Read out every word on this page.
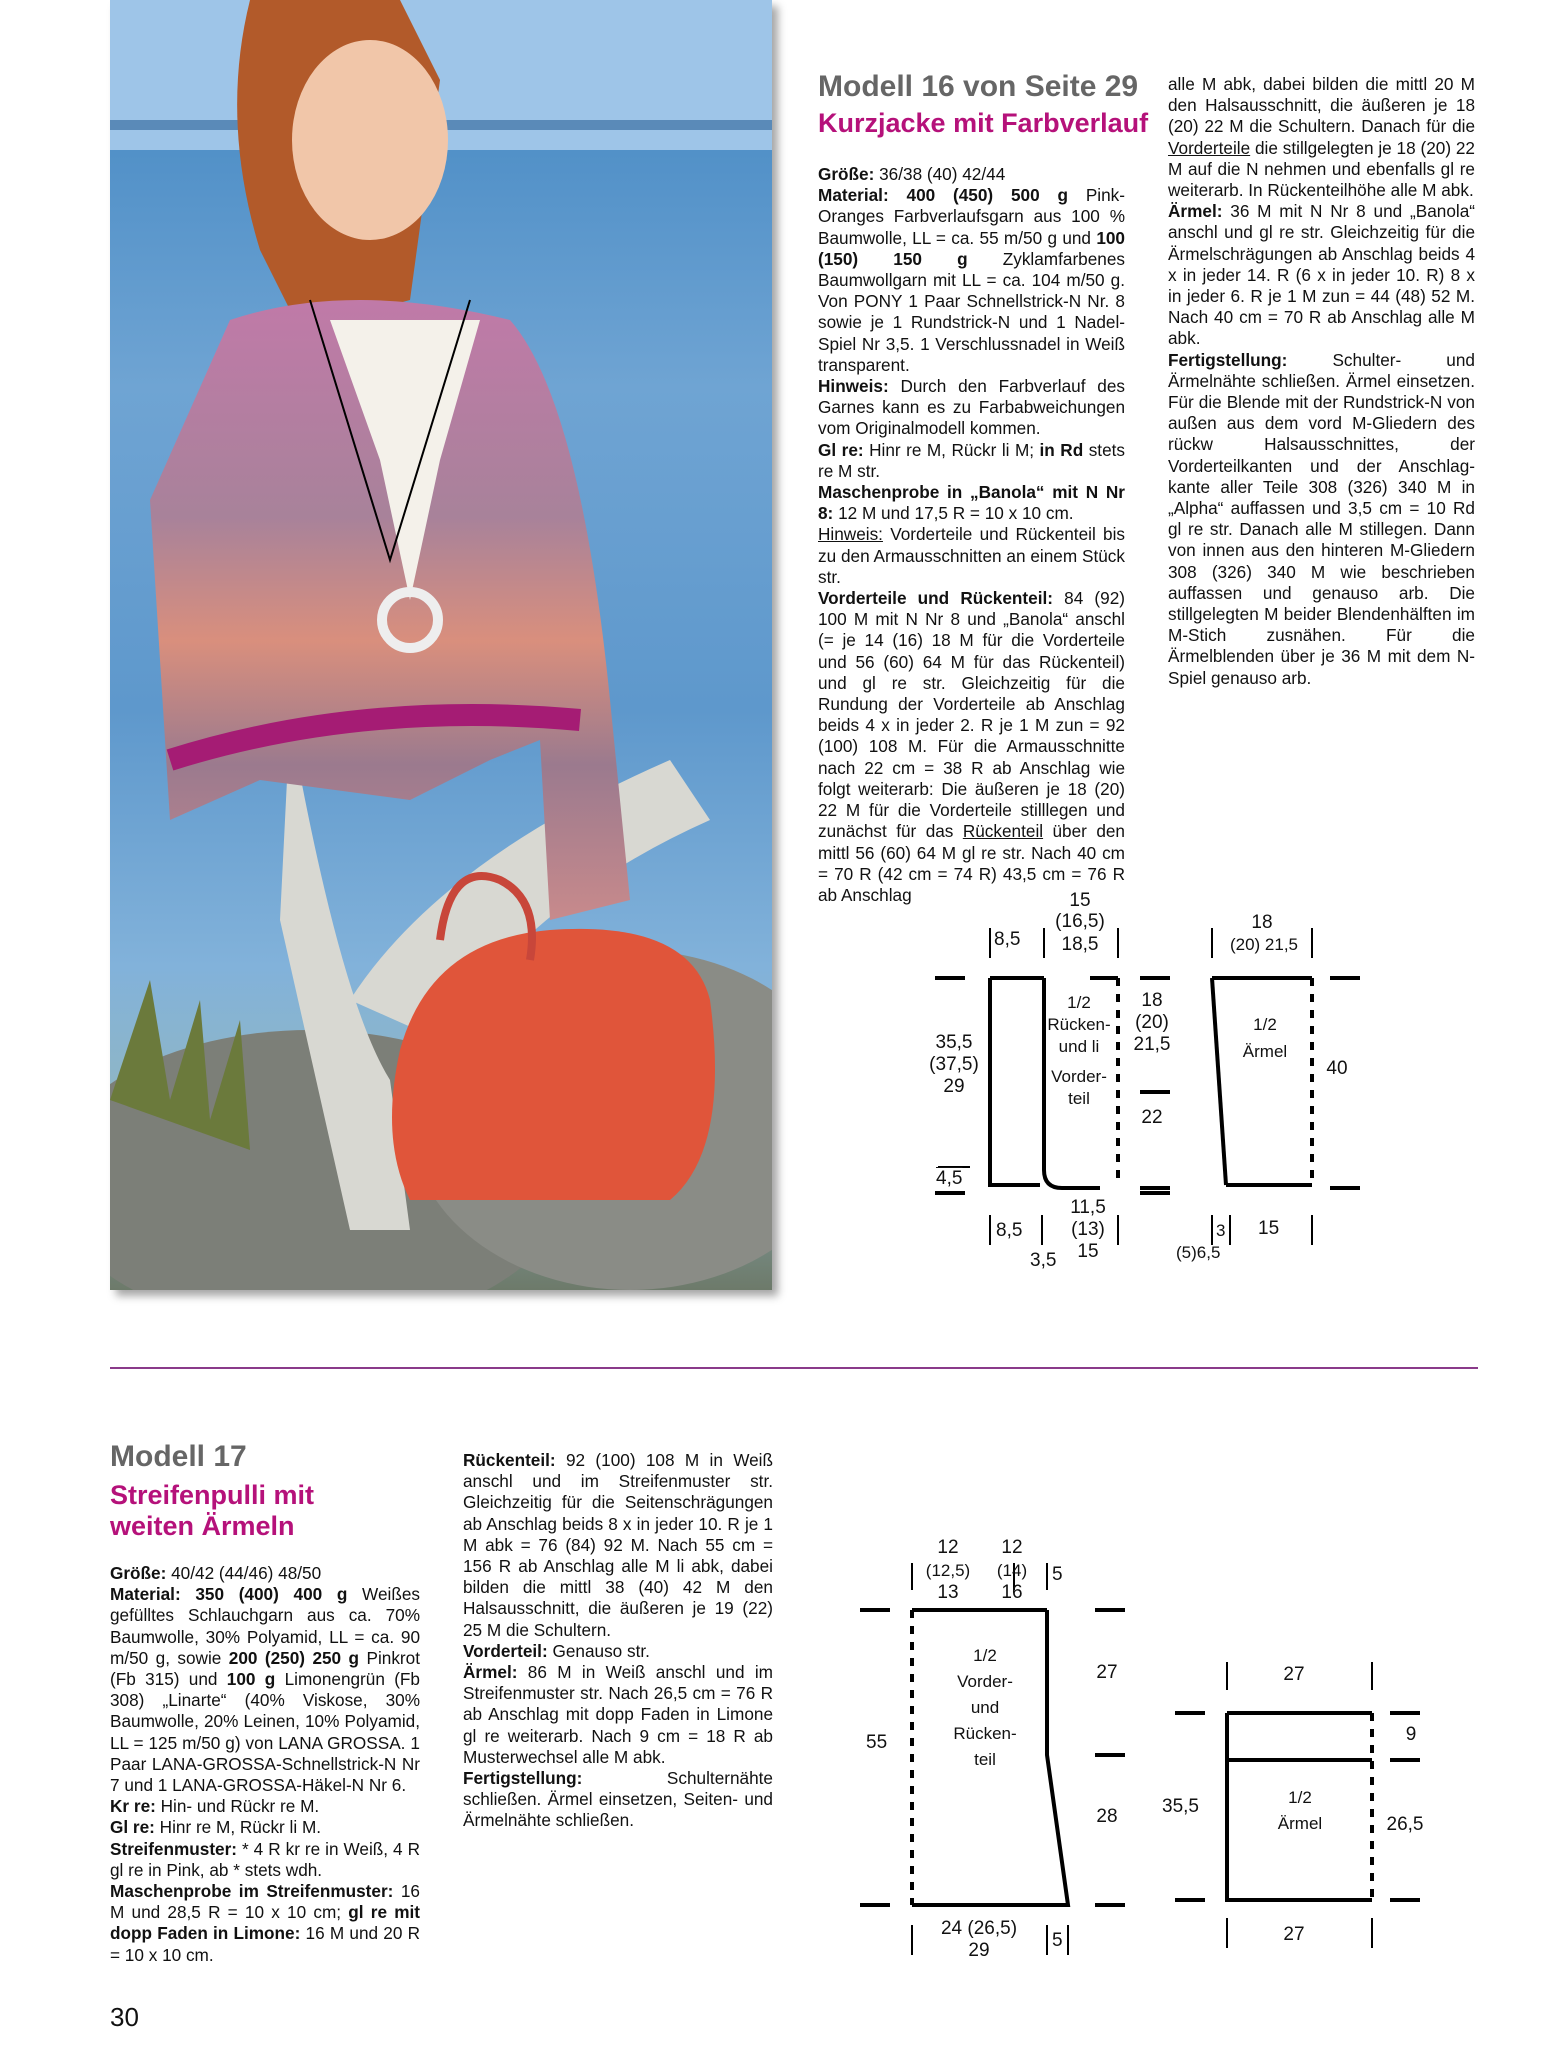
Modell 16 von Seite 29
Kurzjacke mit Farbverlauf

Größe: 36/38 (40) 42/44
Material: 400 (450) 500 g Pink-Oranges Farbverlaufsgarn aus 100 % Baumwolle, LL = ca. 55 m/50 g und 100 (150) 150 g Zyklamfarbenes Baumwollgarn mit LL = ca. 104 m/50 g. Von PONY 1 Paar Schnellstrick-N Nr. 8 sowie je 1 Rundstrick-N und 1 Nadel-Spiel Nr 3,5. 1 Verschlussnadel in Weiß transparent.
Hinweis: Durch den Farbverlauf des Garnes kann es zu Farbabweichungen vom Originalmodell kommen.
Gl re: Hinr re M, Rückr li M; in Rd stets re M str.
Maschenprobe in „Banola“ mit N Nr 8: 12 M und 17,5 R = 10 x 10 cm.
Hinweis: Vorderteile und Rückenteil bis zu den Armausschnitten an einem Stück str.
Vorderteile und Rückenteil: 84 (92) 100 M mit N Nr 8 und „Banola“ anschl (= je 14 (16) 18 M für die Vorderteile und 56 (60) 64 M für das Rückenteil) und gl re str. Gleichzeitig für die Rundung der Vorderteile ab Anschlag beids 4 x in jeder 2. R je 1 M zun = 92 (100) 108 M. Für die Armausschnitte nach 22 cm = 38 R ab Anschlag wie folgt weiterarb: Die äußeren je 18 (20) 22 M für die Vorderteile stilllegen und zunächst für das Rückenteil über den mittl 56 (60) 64 M gl re str. Nach 40 cm = 70 R (42 cm = 74 R) 43,5 cm = 76 R ab Anschlag

alle M abk, dabei bilden die mittl 20 M den Halsausschnitt, die äußeren je 18 (20) 22 M die Schultern. Danach für die Vorderteile die stillgelegten je 18 (20) 22 M auf die N nehmen und ebenfalls gl re weiterarb. In Rückenteilhöhe alle M abk.
Ärmel: 36 M mit N Nr 8 und „Banola“ anschl und gl re str. Gleichzeitig für die Ärmelschrägungen ab Anschlag beids 4 x in jeder 14. R (6 x in jeder 10. R) 8 x in jeder 6. R je 1 M zun = 44 (48) 52 M. Nach 40 cm = 70 R ab Anschlag alle M abk.
Fertigstellung: Schulter- und Ärmelnähte schließen. Ärmel einsetzen. Für die Blende mit der Rundstrick-N von außen aus dem vord M-Gliedern des rückw Halsausschnittes, der Vorderteilkanten und der Anschlag-kante aller Teile 308 (326) 340 M in „Alpha“ auffassen und 3,5 cm = 10 Rd gl re str. Danach alle M stillegen. Dann von innen aus den hinteren M-Gliedern 308 (326) 340 M wie beschrieben auffassen und genauso arb. Die stillgelegten M beider Blendenhälften im M-Stich zusnähen. Für die Ärmelblenden über je 36 M mit dem N-Spiel genauso arb.

8,5
15
(16,5)
18,5
35,5
(37,5)
29
4,5
1/2
Rücken-
und li
Vorder-
teil
18
(20)
21,5
22
8,5
11,5
(13)
15
3,5
18
(20) 21,5
1/2
Ärmel
40
3 15
(5)6,5
Modell 17
Streifenpulli mit
weiten Ärmeln

Größe: 40/42 (44/46) 48/50
Material: 350 (400) 400 g Weißes gefülltes Schlauchgarn aus ca. 70% Baumwolle, 30% Polyamid, LL = ca. 90 m/50 g, sowie 200 (250) 250 g Pinkrot (Fb 315) und 100 g Limonengrün (Fb 308) „Linarte“ (40% Viskose, 30% Baumwolle, 20% Leinen, 10% Polyamid, LL = 125 m/50 g) von LANA GROSSA. 1 Paar LANA-GROSSA-Schnellstrick-N Nr 7 und 1 LANA-GROSSA-Häkel-N Nr 6.
Kr re: Hin- und Rückr re M.
Gl re: Hinr re M, Rückr li M.
Streifenmuster: * 4 R kr re in Weiß, 4 R gl re in Pink, ab * stets wdh.
Maschenprobe im Streifenmuster: 16 M und 28,5 R = 10 x 10 cm; gl re mit dopp Faden in Limone: 16 M und 20 R = 10 x 10 cm.

Rückenteil: 92 (100) 108 M in Weiß anschl und im Streifenmuster str. Gleichzeitig für die Seitenschrägungen ab Anschlag beids 8 x in jeder 10. R je 1 M abk = 76 (84) 92 M. Nach 55 cm = 156 R ab Anschlag alle M li abk, dabei bilden die mittl 38 (40) 42 M den Halsausschnitt, die äußeren je 19 (22) 25 M die Schultern.
Vorderteil: Genauso str.
Ärmel: 86 M in Weiß anschl und im Streifenmuster str. Nach 26,5 cm = 76 R ab Anschlag mit dopp Faden in Limone gl re weiterarb. Nach 9 cm = 18 R ab Musterwechsel alle M abk.
Fertigstellung: Schulternähte schließen. Ärmel einsetzen, Seiten- und Ärmelnähte schließen.

12
(12,5)
13
12
(14)
16
5
1/2
Vorder-
und
Rücken-
teil
55
27
28
24 (26,5)
29	5
27
1/2
Ärmel
35,5
9
26,5
27
30
